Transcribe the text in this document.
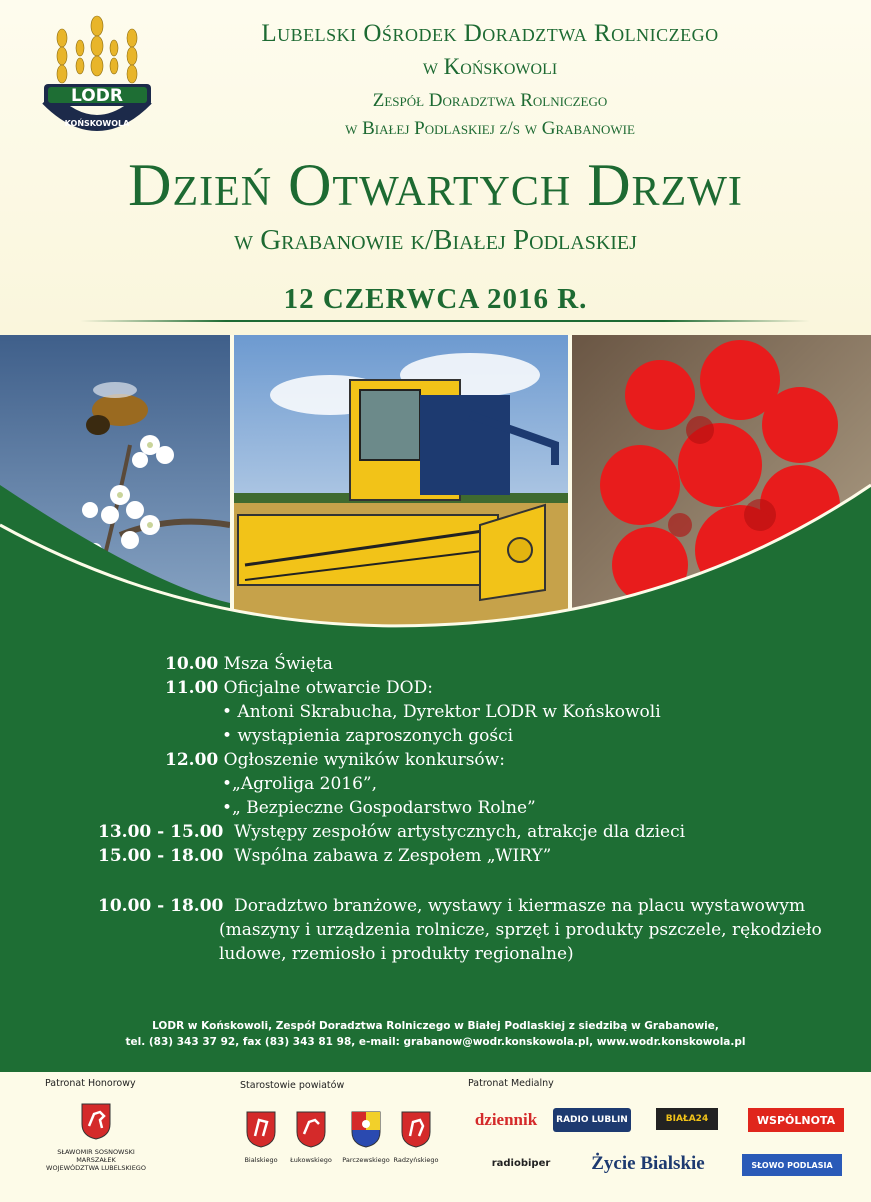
KOŃSKOWOLA
LODR
Lubelski Ośrodek Doradztwa Rolniczego
w Końskowoli
Zespół Doradztwa Rolniczego
w Białej Podlaskiej z/s w Grabanowie
Dzień Otwartych Drzwi
w Grabanowie k/Białej Podlaskiej
12 CZERWCA 2016 R.
10.00 Msza Święta
11.00 Oficjalne otwarcie DOD:
• Antoni Skrabucha, Dyrektor LODR w Końskowoli
• wystąpienia zaproszonych gości
12.00 Ogłoszenie wyników konkursów:
•„Agroliga 2016”,
•„ Bezpieczne Gospodarstwo Rolne”
13.00 - 15.00 Występy zespołów artystycznych, atrakcje dla dzieci
15.00 - 18.00 Wspólna zabawa z Zespołem „WIRY”
10.00 - 18.00 Doradztwo branżowe, wystawy i kiermasze na placu wystawowym
(maszyny i urządzenia rolnicze, sprzęt i produkty pszczele, rękodzieło
ludowe, rzemiosło i produkty regionalne)
LODR w Końskowoli, Zespół Doradztwa Rolniczego w Białej Podlaskiej z siedzibą w Grabanowie,
tel. (83) 343 37 92, fax (83) 343 81 98, e-mail: grabanow@wodr.konskowola.pl, www.wodr.konskowola.pl
Patronat Honorowy
SŁAWOMIR SOSNOWSKI
MARSZAŁEK
WOJEWÓDZTWA LUBELSKIEGO
Starostowie powiatów
Bialskiego	Łukowskiego	Parczewskiego Radzyńskiego
Patronat Medialny
dziennik	RADIO LUBLIN	BIAŁA24	WSPÓLNOTA
radiobiper	Życie Bialskie	SŁOWO PODLASIA
